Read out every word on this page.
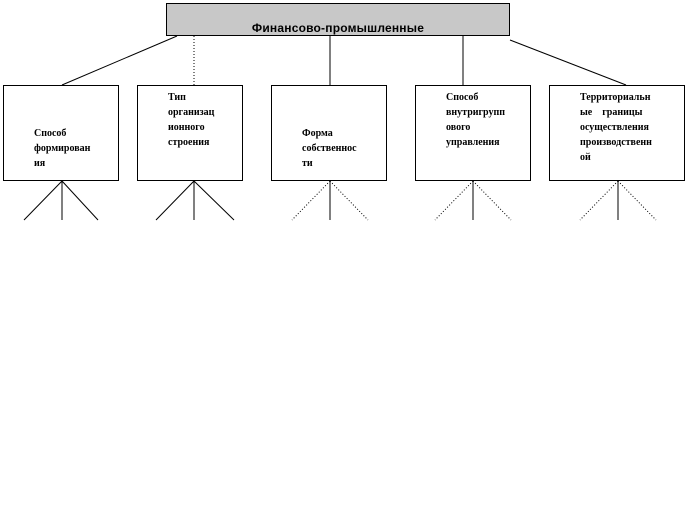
Финансово-промышленные
Способ
формирован
ия
Тип
организац
ионного
строения
Форма
собственнос
ти
Способ
внутригрупп
ового
управления
Территориальн
ые    границы
осуществления
производственн
ой
